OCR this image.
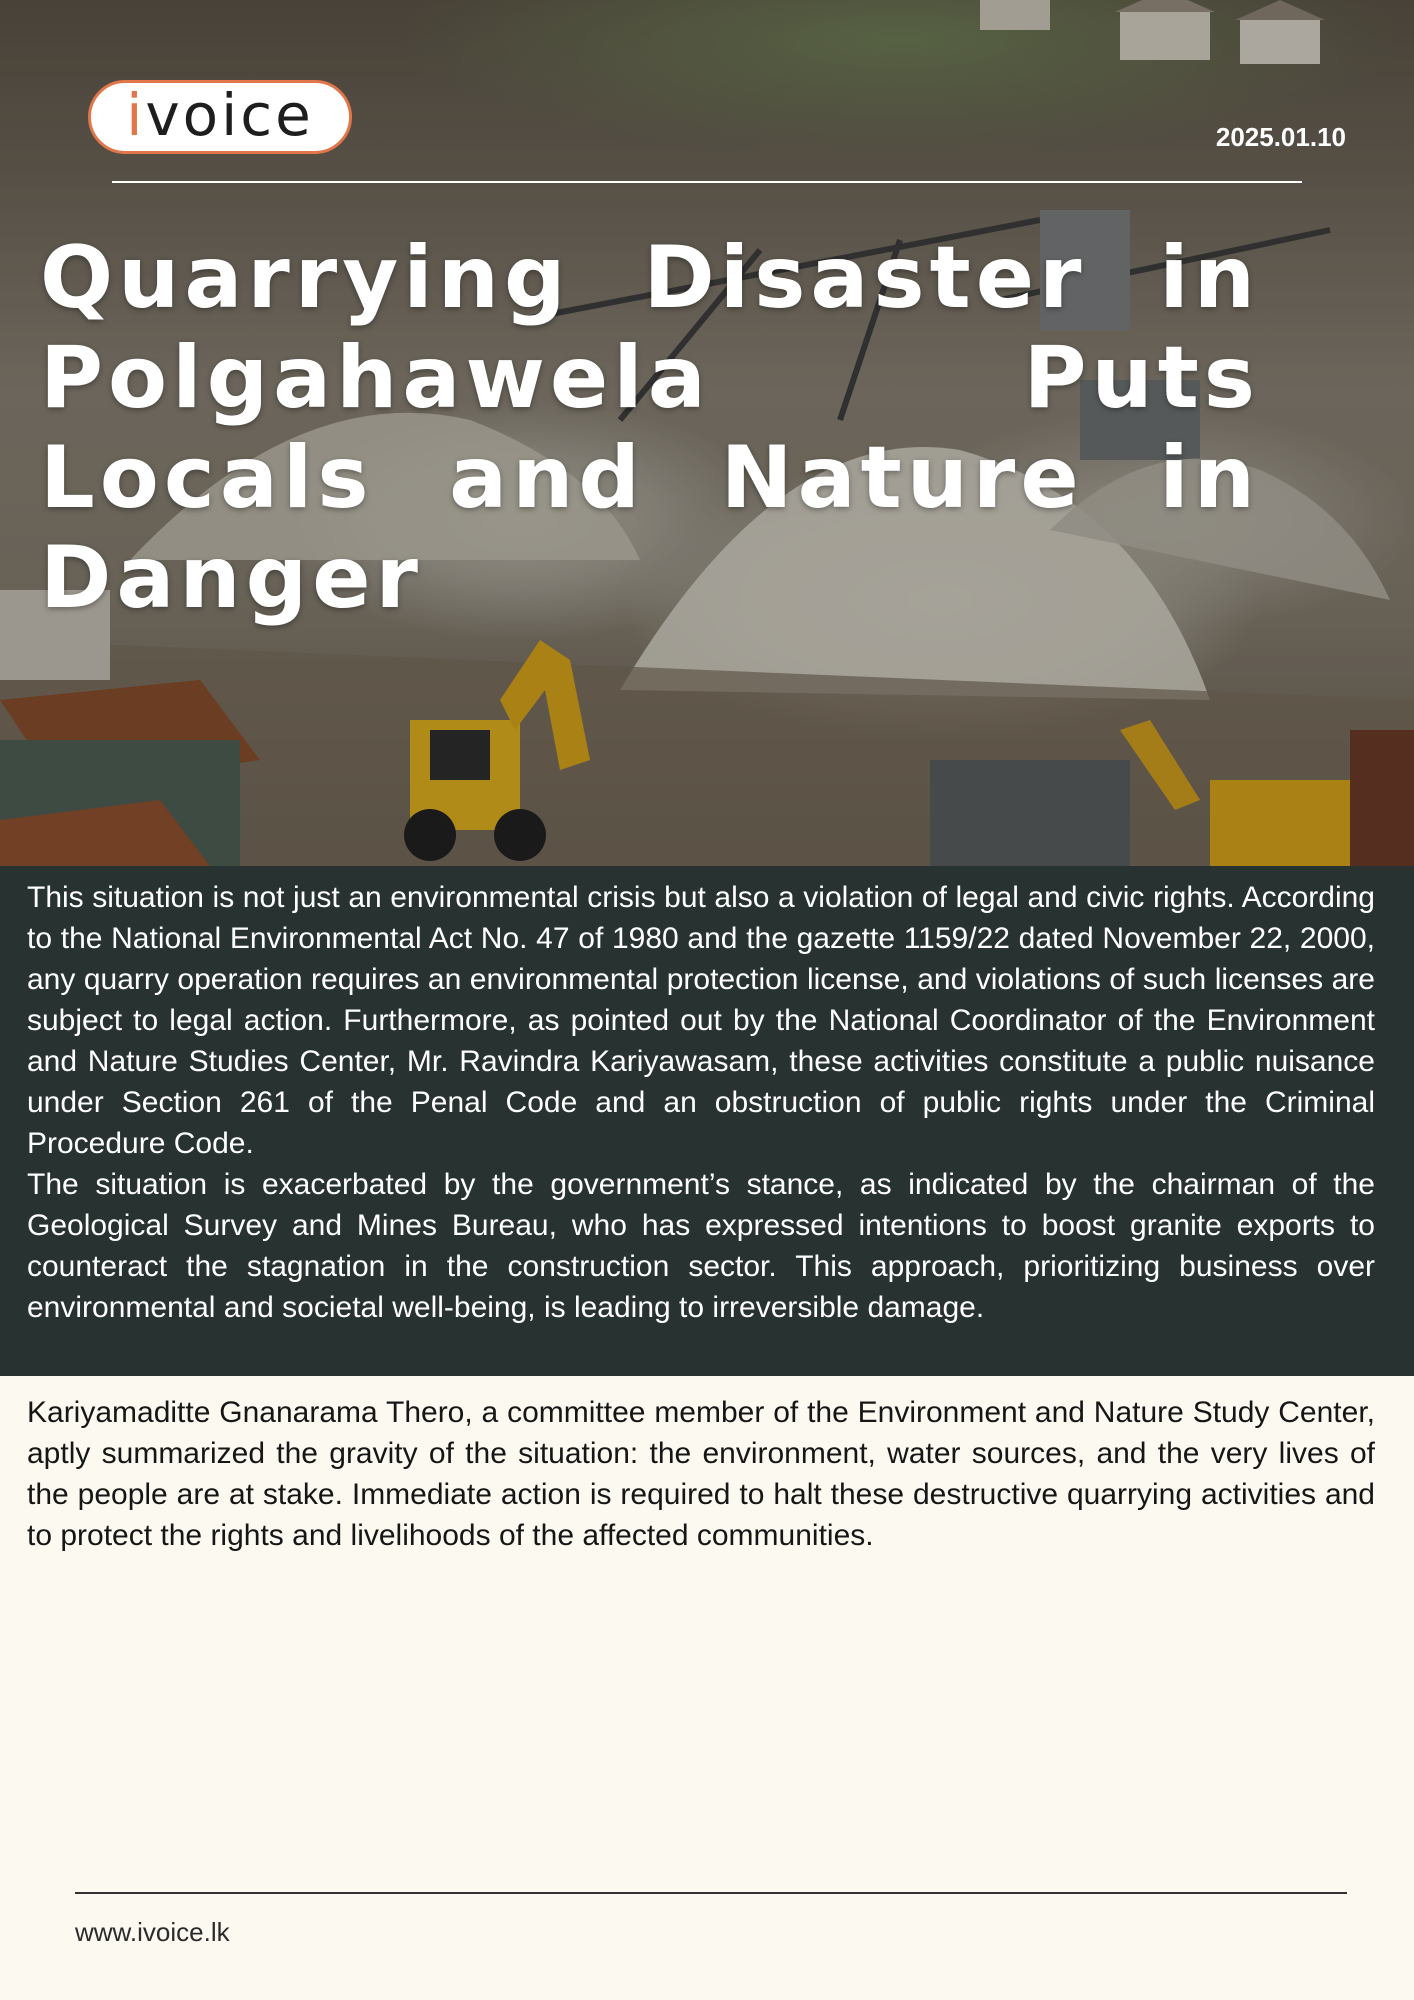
ivoice	2025.01.10
Quarrying Disaster in Polgahawela Puts Locals and Nature in Danger

This situation is not just an environmental crisis but also a violation of legal and civic rights. According to the National Environmental Act No. 47 of 1980 and the gazette 1159/22 dated November 22, 2000, any quarry operation requires an environmental protection license, and violations of such licenses are subject to legal action. Furthermore, as pointed out by the National Coordinator of the Environment and Nature Studies Center, Mr. Ravindra Kariyawasam, these activities constitute a public nuisance under Section 261 of the Penal Code and an obstruction of public rights under the Criminal Procedure Code.

The situation is exacerbated by the government’s stance, as indicated by the chairman of the Geological Survey and Mines Bureau, who has expressed intentions to boost granite exports to counteract the stagnation in the construction sector. This approach, prioritizing business over environmental and societal well-being, is leading to irreversible damage.

Kariyamaditte Gnanarama Thero, a committee member of the Environment and Nature Study Center, aptly summarized the gravity of the situation: the environment, water sources, and the very lives of the people are at stake. Immediate action is required to halt these destructive quarrying activities and to protect the rights and livelihoods of the affected communities.

www.ivoice.lk
